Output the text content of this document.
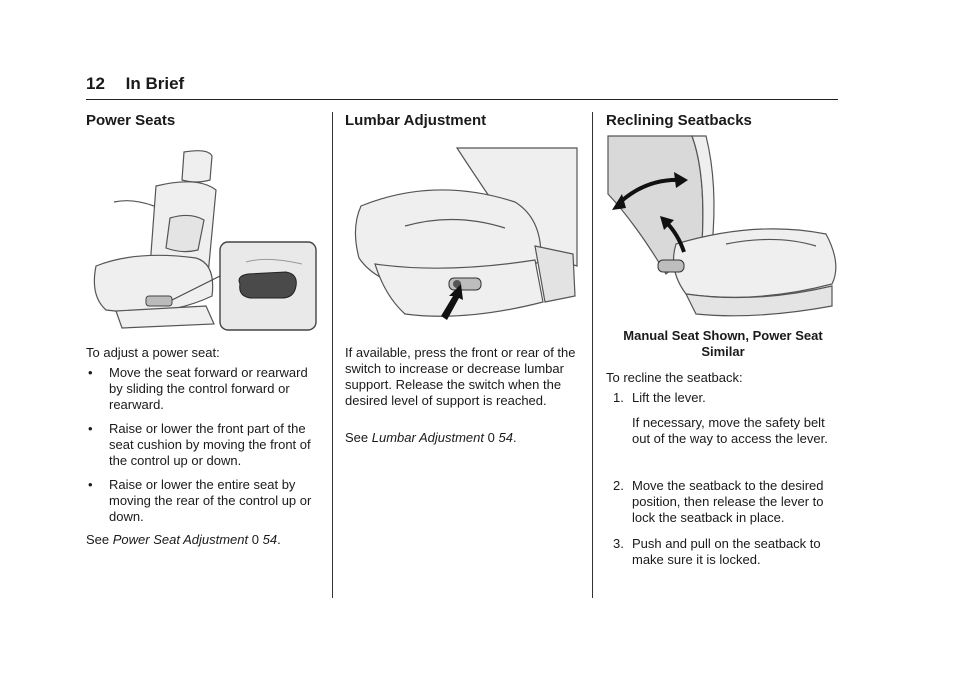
12 In Brief
Power Seats

To adjust a power seat:

• Move the seat forward or rearward by sliding the control forward or rearward.

• Raise or lower the front part of the seat cushion by moving the front of the control up or down.

• Raise or lower the entire seat by moving the rear of the control up or down.

See Power Seat Adjustment 0 54.

Lumbar Adjustment

If available, press the front or rear of the switch to increase or decrease lumbar support. Release the switch when the desired level of support is reached.

See Lumbar Adjustment 0 54.

Reclining Seatbacks

Manual Seat Shown, Power Seat Similar

To recline the seatback:

1. Lift the lever.

If necessary, move the safety belt out of the way to access the lever.

2. Move the seatback to the desired position, then release the lever to lock the seatback in place.

3. Push and pull on the seatback to make sure it is locked.
